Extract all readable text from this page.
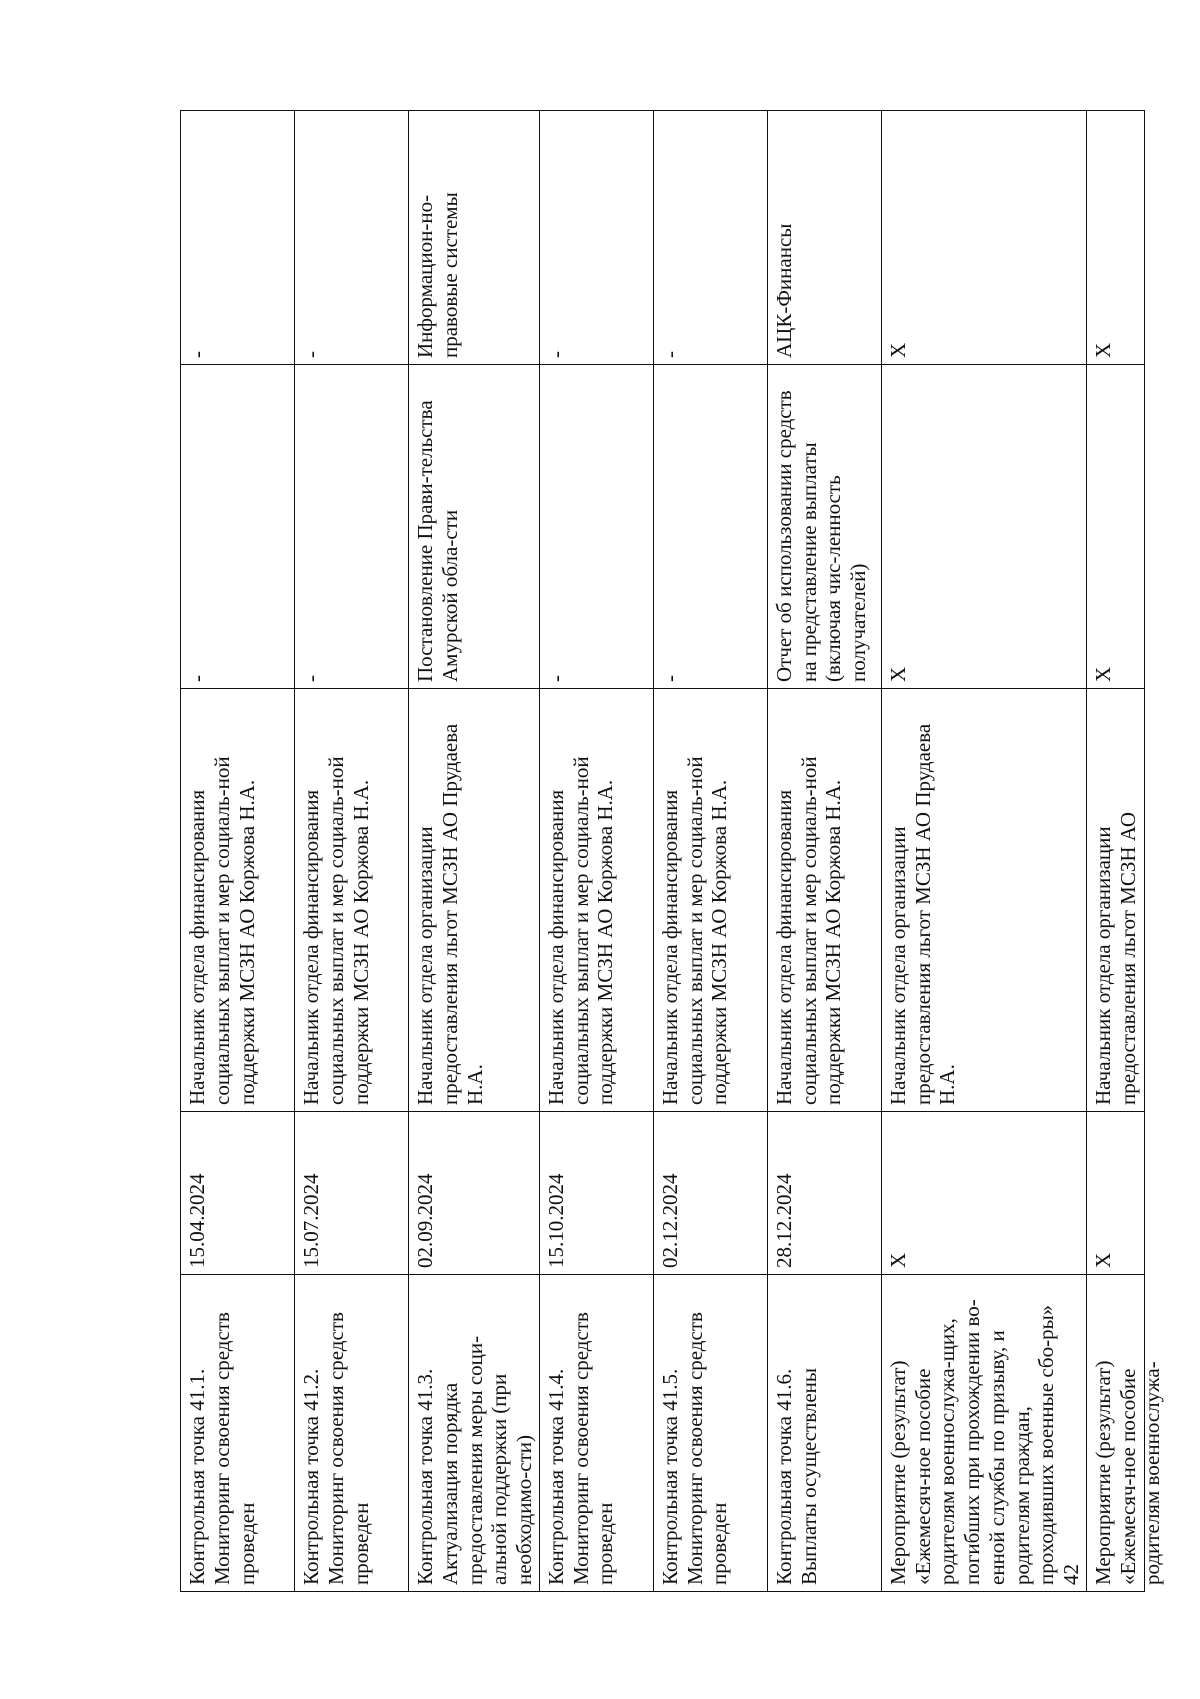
Контрольная точка 41.1. Мониторинг освоения средств проведен	15.04.2024	Начальник отдела финансирования социальных выплат и мер социаль-ной поддержки МСЗН АО Коржова Н.А.	-	-
Контрольная точка 41.2. Мониторинг освоения средств проведен	15.07.2024	Начальник отдела финансирования социальных выплат и мер социаль-ной поддержки МСЗН АО Коржова Н.А.	-	-
Контрольная точка 41.3. Актуализация порядка предоставления меры соци-альной поддержки (при необходимо-сти)	02.09.2024	Начальник отдела организации предоставления льгот МСЗН АО Прудаева Н.А.	Постановление Прави-тельства Амурской обла-сти	Информацион-но-правовые системы
Контрольная точка 41.4. Мониторинг освоения средств проведен	15.10.2024	Начальник отдела финансирования социальных выплат и мер социаль-ной поддержки МСЗН АО Коржова Н.А.	-	-
Контрольная точка 41.5. Мониторинг освоения средств проведен	02.12.2024	Начальник отдела финансирования социальных выплат и мер социаль-ной поддержки МСЗН АО Коржова Н.А.	-	-
Контрольная точка 41.6. Выплаты осуществлены	28.12.2024	Начальник отдела финансирования социальных выплат и мер социаль-ной поддержки МСЗН АО Коржова Н.А.	Отчет об использовании средств на представление выплаты (включая чис-ленность получателей)	АЦК-Финансы
Мероприятие (результат) «Ежемесяч-ное пособие родителям военнослужа-щих, погибших при прохождении во-енной службы по призыву, и родителям граждан, проходивших военные сбо-ры» 42	Х	Начальник отдела организации предоставления льгот МСЗН АО Прудаева Н.А.	Х	Х

Мероприятие (результат) «Ежемесяч-ное пособие родителям военнослужа-	Х	Начальник отдела организации предоставления льгот МСЗН АО	Х	Х
